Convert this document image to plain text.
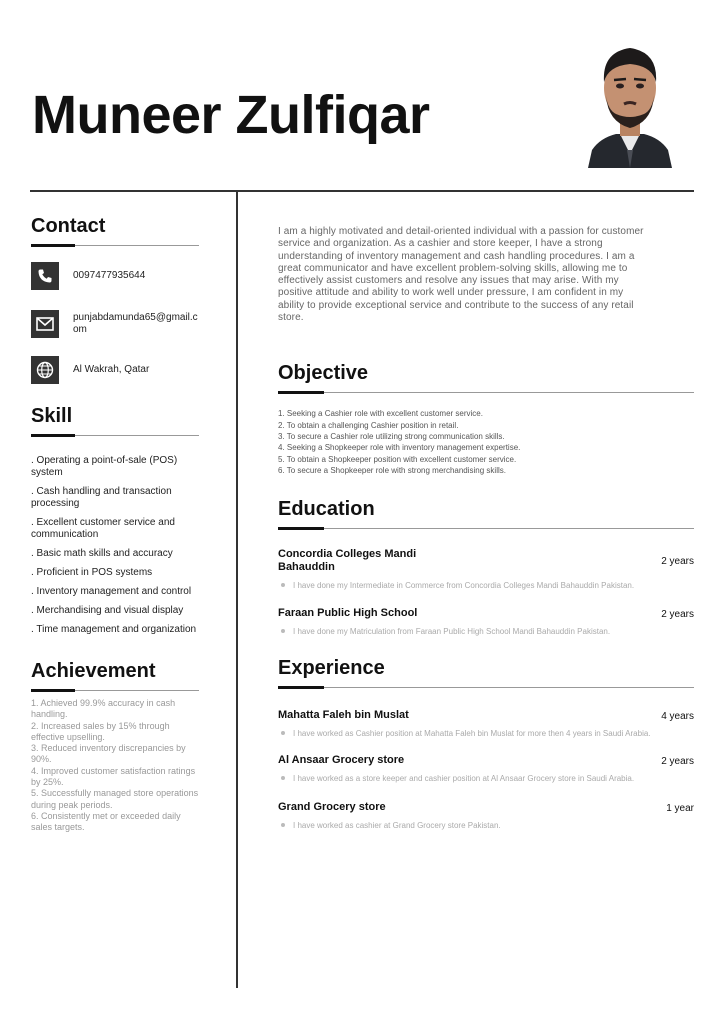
Muneer Zulfiqar
Contact
0097477935644
punjabdamunda65@gmail.com
Al Wakrah, Qatar
Skill
. Operating a point-of-sale (POS) system
. Cash handling and transaction processing
. Excellent customer service and communication
. Basic math skills and accuracy
. Proficient in POS systems
. Inventory management and control
. Merchandising and visual display
. Time management and organization
Achievement
1. Achieved 99.9% accuracy in cash handling.
2. Increased sales by 15% through effective upselling.
3. Reduced inventory discrepancies by 90%.
4. Improved customer satisfaction ratings by 25%.
5. Successfully managed store operations during peak periods.
6. Consistently met or exceeded daily sales targets.
I am a highly motivated and detail-oriented individual with a passion for customer service and organization. As a cashier and store keeper, I have a strong understanding of inventory management and cash handling procedures. I am a great communicator and have excellent problem-solving skills, allowing me to effectively assist customers and resolve any issues that may arise. With my positive attitude and ability to work well under pressure, I am confident in my ability to provide exceptional service and contribute to the success of any retail store.
Objective
1. Seeking a Cashier role with excellent customer service.
2. To obtain a challenging Cashier position in retail.
3. To secure a Cashier role utilizing strong communication skills.
4. Seeking a Shopkeeper role with inventory management expertise.
5. To obtain a Shopkeeper position with excellent customer service.
6. To secure a Shopkeeper role with strong merchandising skills.
Education
Concordia Colleges Mandi Bahauddin	2 years
I have done my Intermediate in Commerce from Concordia Colleges Mandi Bahauddin Pakistan.
Faraan Public High School	2 years
I have done my Matriculation from Faraan Public High School Mandi Bahauddin Pakistan.
Experience
Mahatta Faleh bin Muslat	4 years
I have worked as Cashier position at Mahatta Faleh bin Muslat for more then 4 years in Saudi Arabia.
Al Ansaar Grocery store	2 years
I have worked as a store keeper and cashier position at Al Ansaar Grocery store in Saudi Arabia.
Grand Grocery store	1 year
I have worked as cashier at Grand Grocery store Pakistan.
